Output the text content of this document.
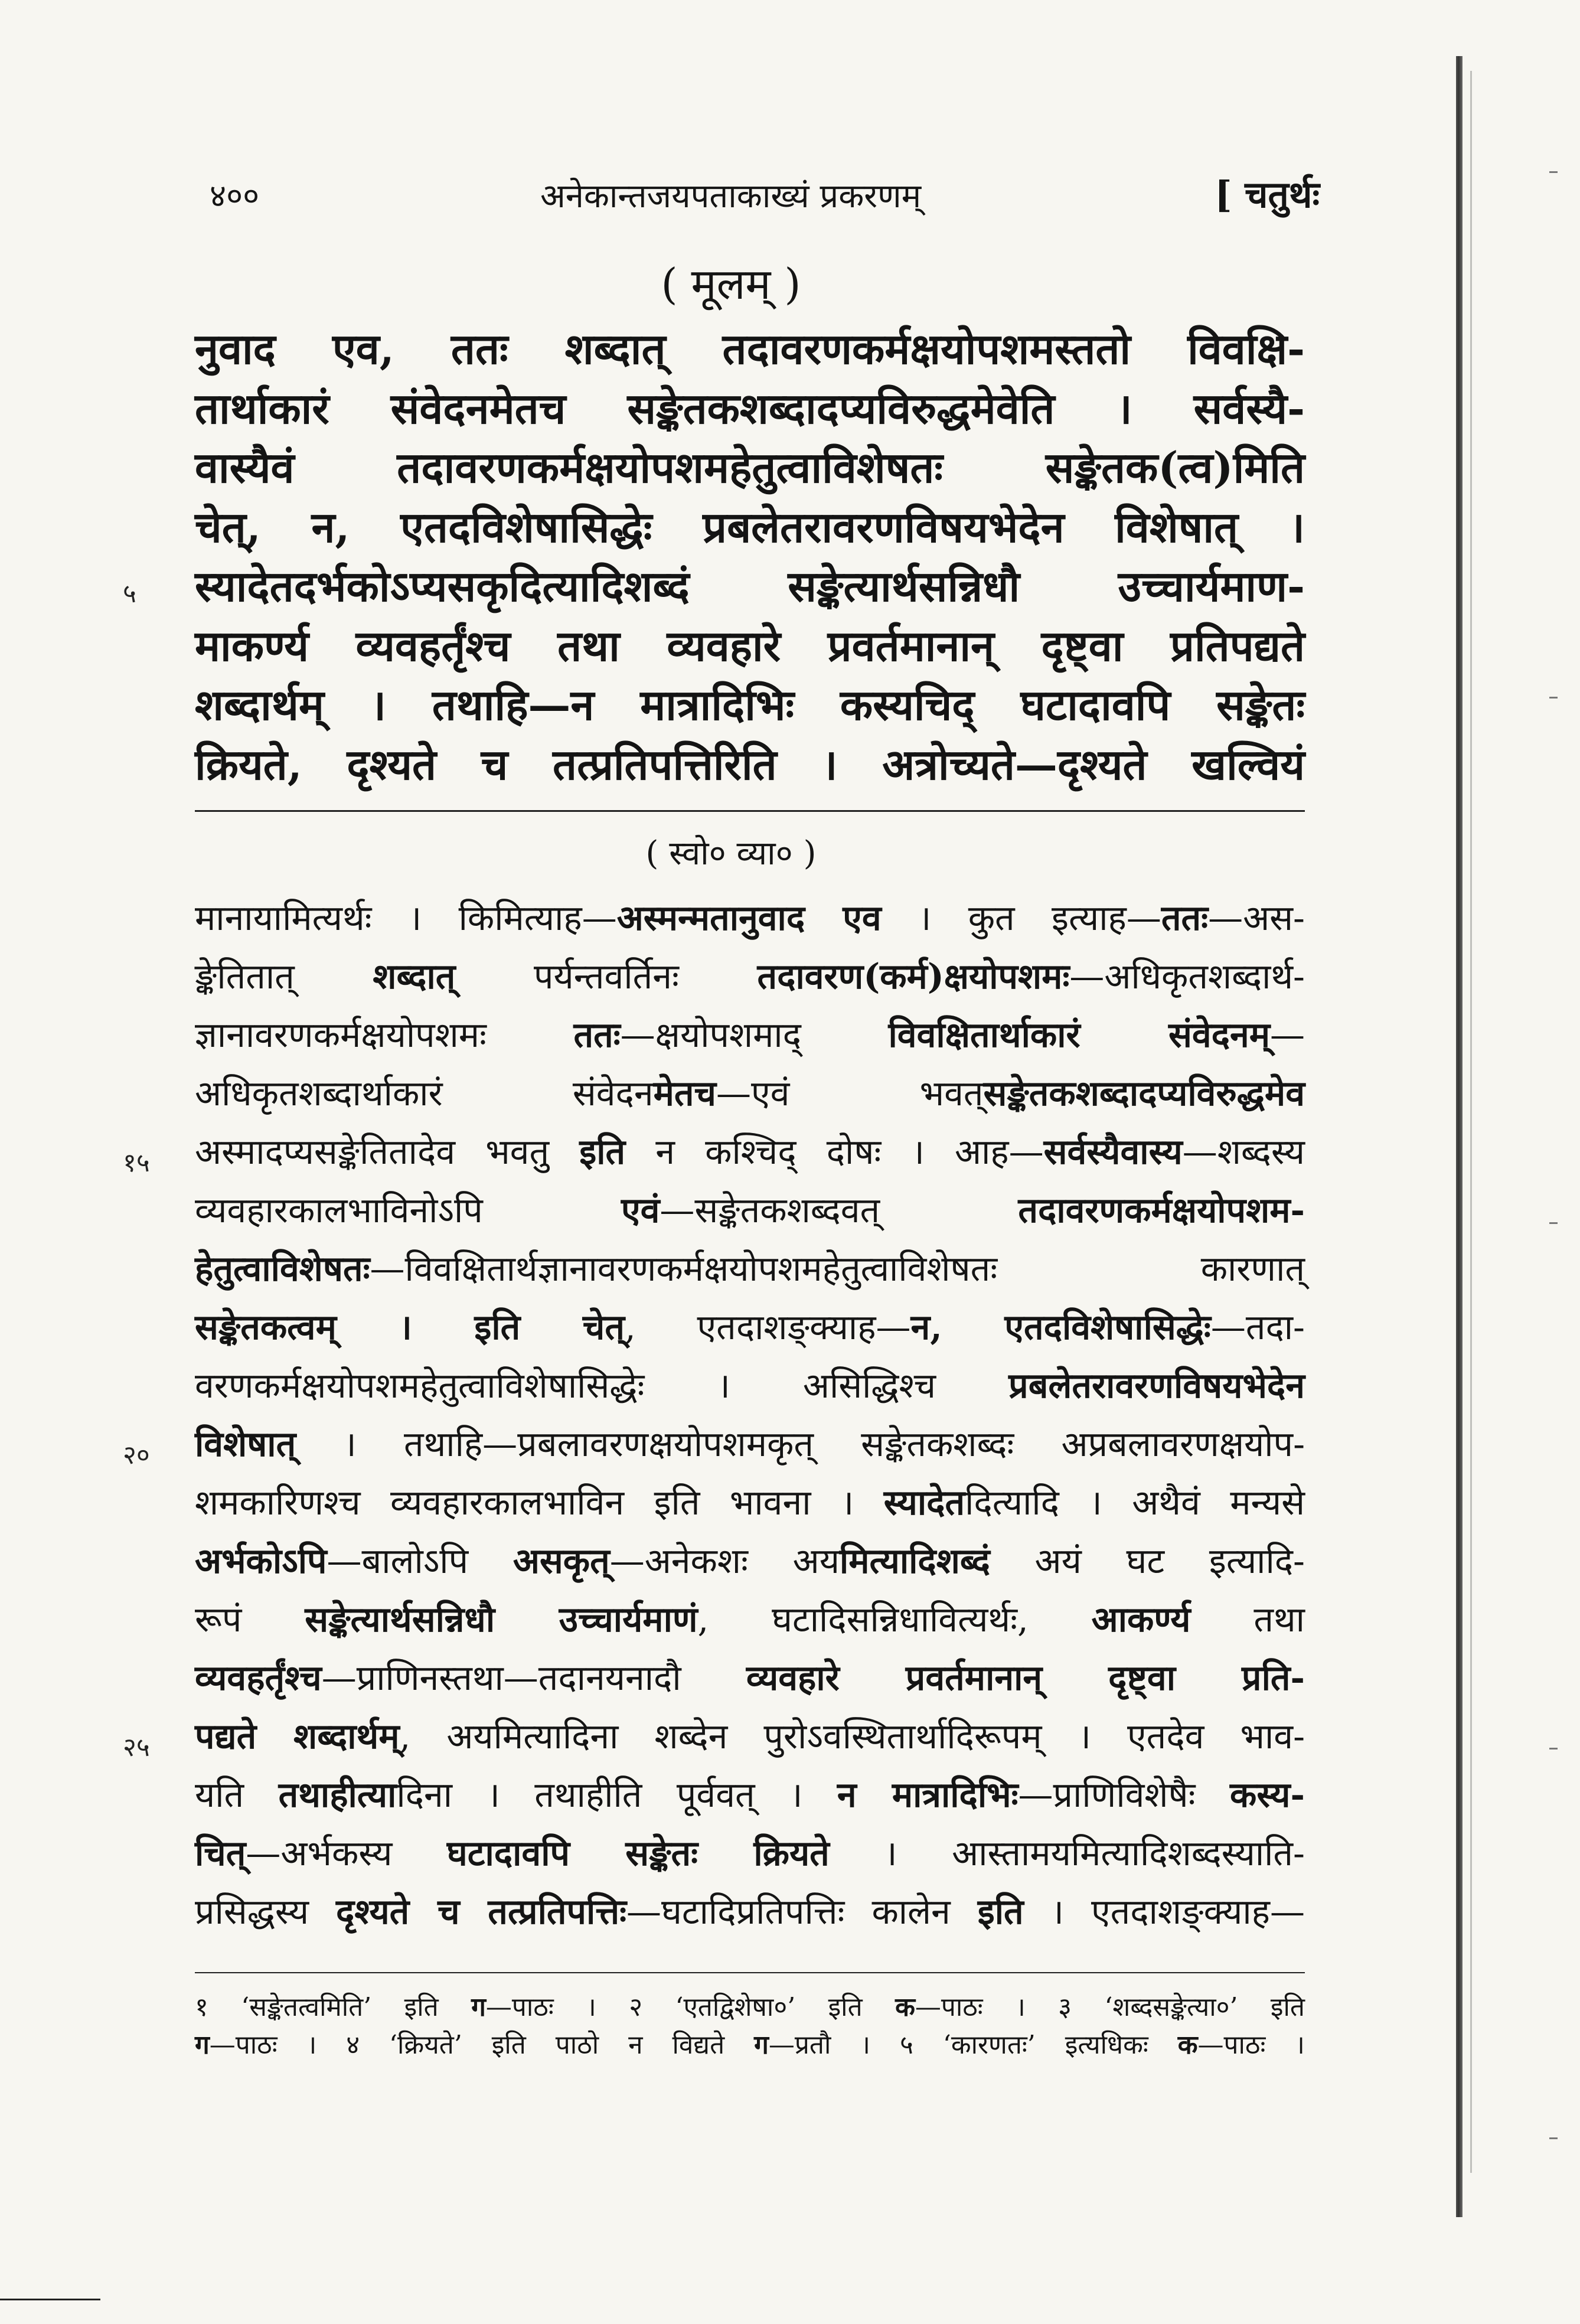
४००	अनेकान्तजयपताकाख्यं प्रकरणम्	[ चतुर्थः
( मूलम् )
नुवाद एव, ततः शब्दात् तदावरणकर्मक्षयोपशमस्ततो विवक्षि-
तार्थाकारं संवेदनमेतच सङ्केतकशब्दादप्यविरुद्धमेवेति । सर्वस्यै-
वास्यैवं तदावरणकर्मक्षयोपशमहेतुत्वाविशेषतः सङ्केतक(त्व)मिति
चेत्, न, एतदविशेषासिद्धेः प्रबलेतरावरणविषयभेदेन विशेषात् ।
स्यादेतदर्भकोऽप्यसकृदित्यादिशब्दं सङ्केत्यार्थसन्निधौ उच्चार्यमाण-
माकर्ण्य व्यवहर्तृंश्च तथा व्यवहारे प्रवर्तमानान् दृष्ट्वा प्रतिपद्यते
शब्दार्थम् । तथाहि—न मात्रादिभिः कस्यचिद् घटादावपि सङ्केतः
क्रियते, दृश्यते च तत्प्रतिपत्तिरिति । अत्रोच्यते—दृश्यते खल्वियं
( स्वो० व्या० )
मानायामित्यर्थः । किमित्याह—अस्मन्मतानुवाद एव । कुत इत्याह—ततः—अस-
ङ्केतितात् शब्दात् पर्यन्तवर्तिनः तदावरण(कर्म)क्षयोपशमः—अधिकृतशब्दार्थ-
ज्ञानावरणकर्मक्षयोपशमः ततः—क्षयोपशमाद् विवक्षितार्थाकारं संवेदनम्—
अधिकृतशब्दार्थाकारं संवेदनमेतच—एवं भवत्सङ्केतकशब्दादप्यविरुद्धमेव
अस्मादप्यसङ्केतितादेव भवतु इति न कश्चिद् दोषः । आह—सर्वस्यैवास्य—शब्दस्य
व्यवहारकालभाविनोऽपि एवं—सङ्केतकशब्दवत् तदावरणकर्मक्षयोपशम-
हेतुत्वाविशेषतः—विवक्षितार्थज्ञानावरणकर्मक्षयोपशमहेतुत्वाविशेषतः कारणात्
सङ्केतकत्वम् । इति चेत्, एतदाशङ्क्याह—न, एतदविशेषासिद्धेः—तदा-
वरणकर्मक्षयोपशमहेतुत्वाविशेषासिद्धेः । असिद्धिश्च प्रबलेतरावरणविषयभेदेन
विशेषात् । तथाहि—प्रबलावरणक्षयोपशमकृत् सङ्केतकशब्दः अप्रबलावरणक्षयोप-
शमकारिणश्च व्यवहारकालभाविन इति भावना । स्यादेतदित्यादि । अथैवं मन्यसे
अर्भकोऽपि—बालोऽपि असकृत्—अनेकशः अयमित्यादिशब्दं अयं घट इत्यादि-
रूपं सङ्केत्यार्थसन्निधौ उच्चार्यमाणं, घटादिसन्निधावित्यर्थः, आकर्ण्य तथा
व्यवहर्तृंश्च—प्राणिनस्तथा—तदानयनादौ व्यवहारे प्रवर्तमानान् दृष्ट्वा प्रति-
पद्यते शब्दार्थम्, अयमित्यादिना शब्देन पुरोऽवस्थितार्थादिरूपम् । एतदेव भाव-
यति तथाहीत्यादिना । तथाहीति पूर्ववत् । न मात्रादिभिः—प्राणिविशेषैः कस्य-
चित्—अर्भकस्य घटादावपि सङ्केतः क्रियते । आस्तामयमित्यादिशब्दस्याति-
प्रसिद्धस्य दृश्यते च तत्प्रतिपत्तिः—घटादिप्रतिपत्तिः कालेन इति । एतदाशङ्क्याह—
१ ‘सङ्केतत्वमिति’ इति ग—पाठः । २ ‘एतद्विशेषा०’ इति क—पाठः । ३ ‘शब्दसङ्केत्या०’ इति
ग—पाठः । ४ ‘क्रियते’ इति पाठो न विद्यते ग—प्रतौ । ५ ‘कारणतः’ इत्यधिकः क—पाठः ।
५
१५
२०
२५
